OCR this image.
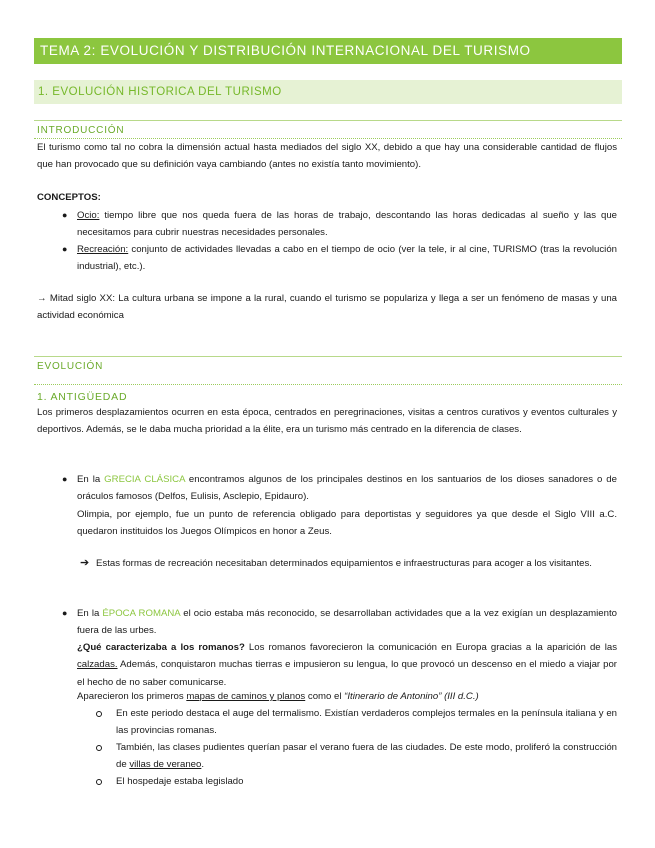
TEMA 2: EVOLUCIÓN Y DISTRIBUCIÓN INTERNACIONAL DEL TURISMO
1. EVOLUCIÓN HISTORICA DEL TURISMO
INTRODUCCIÓN
El turismo como tal no cobra la dimensión actual hasta mediados del siglo XX, debido a que hay una considerable cantidad de flujos que han provocado que su definición vaya cambiando (antes no existía tanto movimiento).
CONCEPTOS:
● Ocio: tiempo libre que nos queda fuera de las horas de trabajo, descontando las horas dedicadas al sueño y las que necesitamos para cubrir nuestras necesidades personales.
● Recreación: conjunto de actividades llevadas a cabo en el tiempo de ocio (ver la tele, ir al cine, TURISMO (tras la revolución industrial), etc.).
→ Mitad siglo XX: La cultura urbana se impone a la rural, cuando el turismo se populariza y llega a ser un fenómeno de masas y una actividad económica
EVOLUCIÓN
1. ANTIGÜEDAD
Los primeros desplazamientos ocurren en esta época, centrados en peregrinaciones, visitas a centros curativos y eventos culturales y deportivos. Además, se le daba mucha prioridad a la élite, era un turismo más centrado en la diferencia de clases.
● En la GRECIA CLÁSICA encontramos algunos de los principales destinos en los santuarios de los dioses sanadores o de oráculos famosos (Delfos, Eulisis, Asclepio, Epidauro).
Olimpia, por ejemplo, fue un punto de referencia obligado para deportistas y seguidores ya que desde el Siglo VIII a.C. quedaron instituidos los Juegos Olímpicos en honor a Zeus.
➔ Estas formas de recreación necesitaban determinados equipamientos e infraestructuras para acoger a los visitantes.
● En la ÉPOCA ROMANA el ocio estaba más reconocido, se desarrollaban actividades que a la vez exigían un desplazamiento fuera de las urbes.
¿Qué caracterizaba a los romanos? Los romanos favorecieron la comunicación en Europa gracias a la aparición de las calzadas. Además, conquistaron muchas tierras e impusieron su lengua, lo que provocó un descenso en el miedo a viajar por el hecho de no saber comunicarse.
Aparecieron los primeros mapas de caminos y planos como el “Itinerario de Antonino” (III d.C.)
En este periodo destaca el auge del termalismo. Existían verdaderos complejos termales en la península italiana y en las provincias romanas.
También, las clases pudientes querían pasar el verano fuera de las ciudades. De este modo, proliferó la construcción de villas de veraneo.
El hospedaje estaba legislado
